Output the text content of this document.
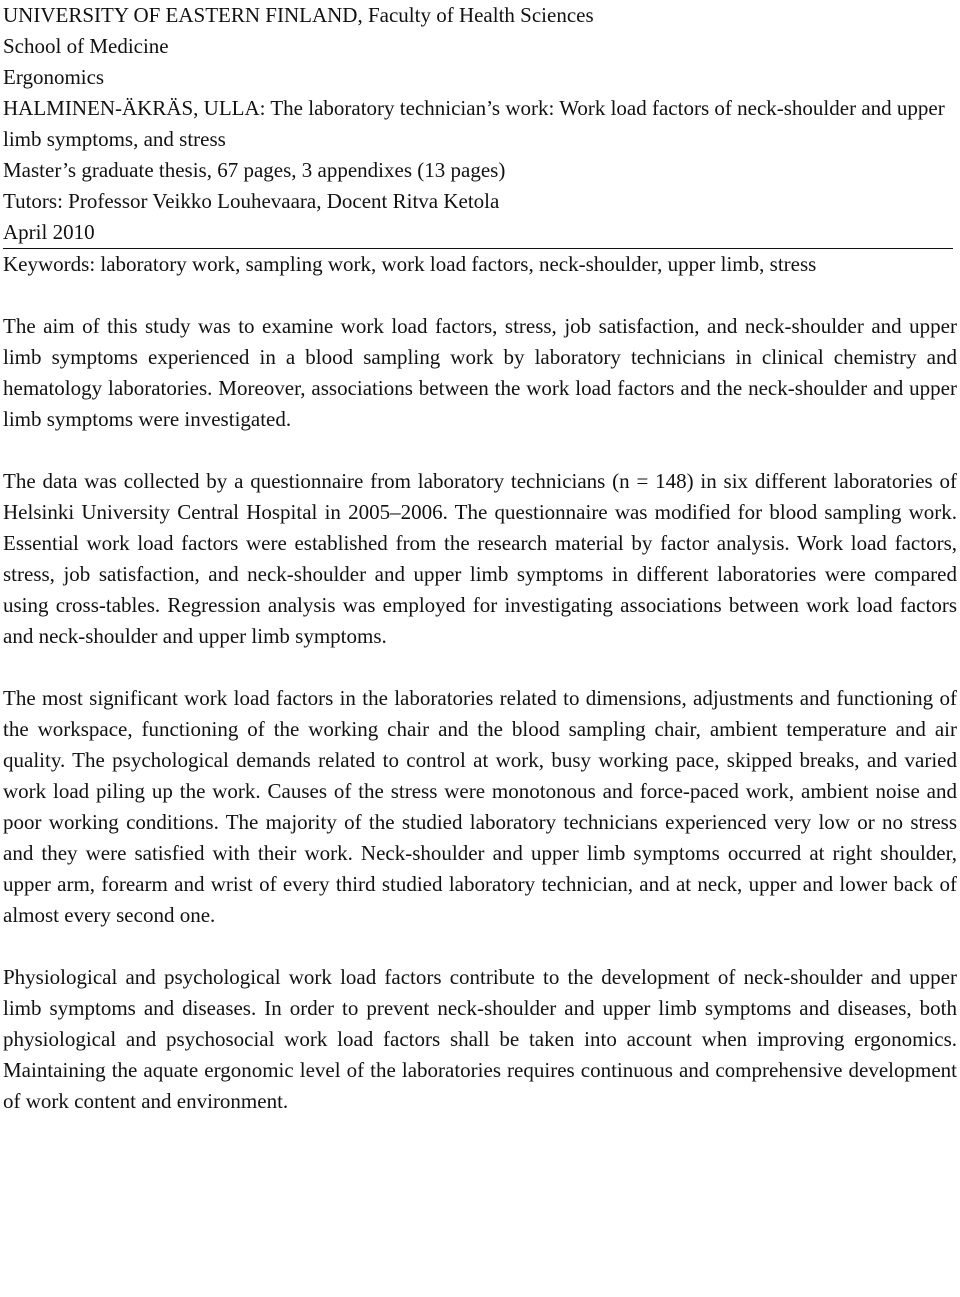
UNIVERSITY OF EASTERN FINLAND, Faculty of Health Sciences

School of Medicine

Ergonomics

HALMINEN-ÄKRÄS, ULLA: The laboratory technician’s work: Work load factors of neck-shoulder and upper limb symptoms, and stress

Master’s graduate thesis, 67 pages, 3 appendixes (13 pages)

Tutors: Professor Veikko Louhevaara, Docent Ritva Ketola

April 2010

Keywords: laboratory work, sampling work, work load factors, neck-shoulder, upper limb, stress

The aim of this study was to examine work load factors, stress, job satisfaction, and neck-shoulder and upper limb symptoms experienced in a blood sampling work by laboratory technicians in clinical chemistry and hematology laboratories. Moreover, associations between the work load factors and the neck-shoulder and upper limb symptoms were investigated.

The data was collected by a questionnaire from laboratory technicians (n = 148) in six different laboratories of Helsinki University Central Hospital in 2005–2006. The questionnaire was modified for blood sampling work. Essential work load factors were established from the research material by factor analysis. Work load factors, stress, job satisfaction, and neck-shoulder and upper limb symptoms in different laboratories were compared using cross-tables. Regression analysis was employed for investigating associations between work load factors and neck-shoulder and upper limb symptoms.

The most significant work load factors in the laboratories related to dimensions, adjustments and functioning of the workspace, functioning of the working chair and the blood sampling chair, ambient temperature and air quality. The psychological demands related to control at work, busy working pace, skipped breaks, and varied work load piling up the work. Causes of the stress were monotonous and force-paced work, ambient noise and poor working conditions. The majority of the studied laboratory technicians experienced very low or no stress and they were satisfied with their work. Neck-shoulder and upper limb symptoms occurred at right shoulder, upper arm, forearm and wrist of every third studied laboratory technician, and at neck, upper and lower back of almost every second one.

Physiological and psychological work load factors contribute to the development of neck-shoulder and upper limb symptoms and diseases. In order to prevent neck-shoulder and upper limb symptoms and diseases, both physiological and psychosocial work load factors shall be taken into account when improving ergonomics. Maintaining the aquate ergonomic level of the laboratories requires continuous and comprehensive development of work content and environment.
